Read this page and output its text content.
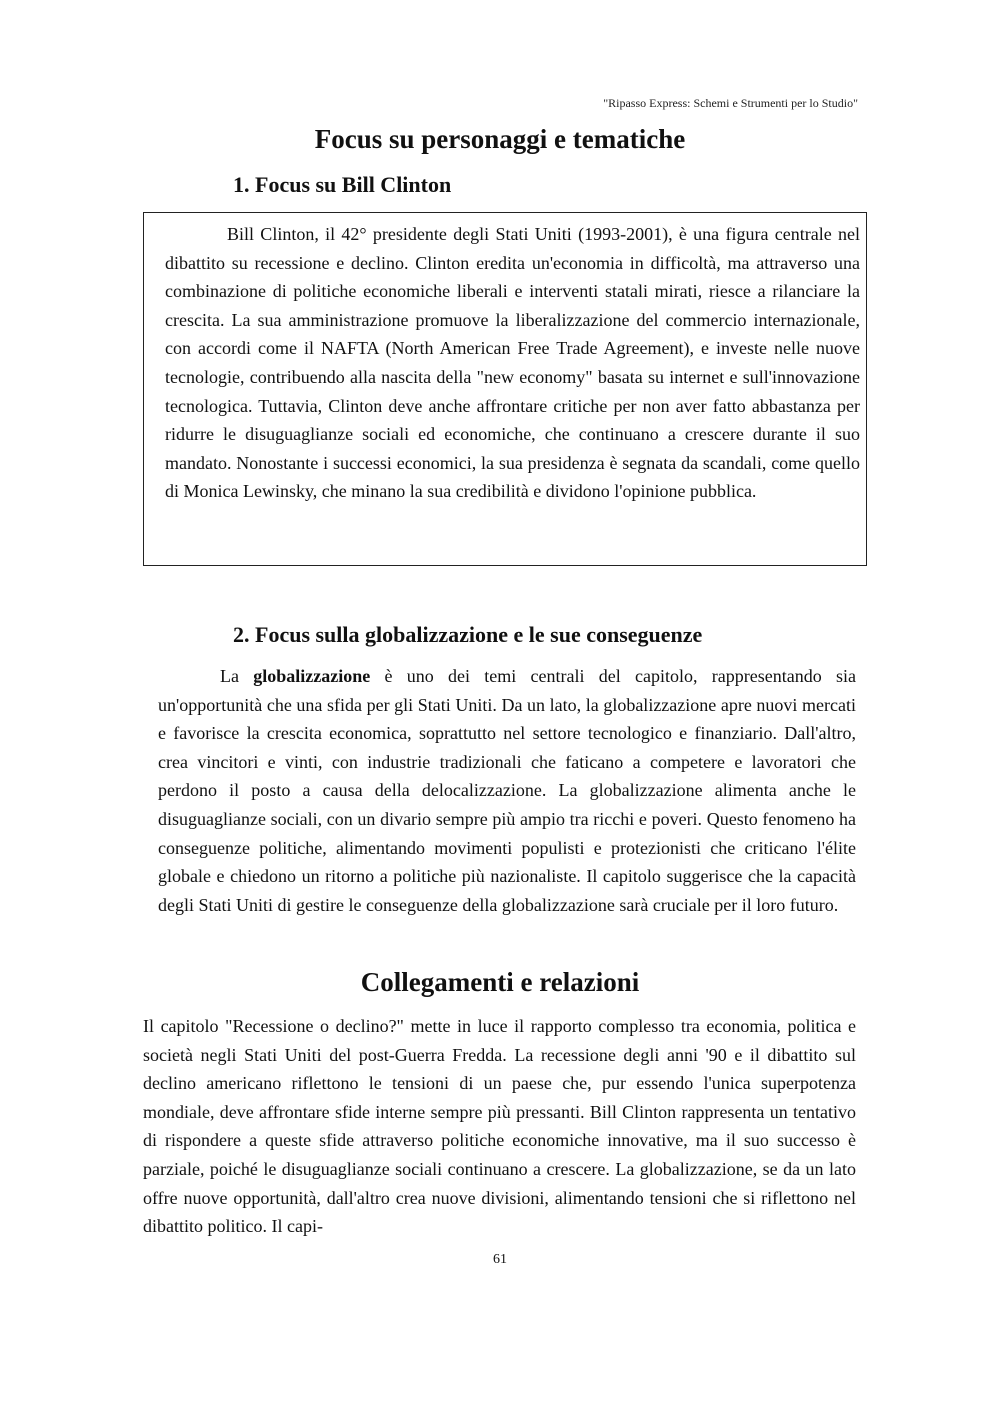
"Ripasso Express: Schemi e Strumenti per lo Studio"
Focus su personaggi e tematiche
1. Focus su Bill Clinton

Bill Clinton, il 42° presidente degli Stati Uniti (1993-2001), è una figura centrale nel dibattito su recessione e declino. Clinton eredita un'economia in difficoltà, ma attraverso una combinazione di politiche economiche liberali e interventi statali mirati, riesce a rilanciare la crescita. La sua amministrazione promuove la liberalizzazione del commercio internazionale, con accordi come il NAFTA (North American Free Trade Agreement), e investe nelle nuove tecnologie, contribuendo alla nascita della "new economy" basata su internet e sull'innovazione tecnologica. Tuttavia, Clinton deve anche affrontare critiche per non aver fatto abbastanza per ridurre le disuguaglianze sociali ed economiche, che continuano a crescere durante il suo mandato. Nonostante i successi economici, la sua presidenza è segnata da scandali, come quello di Monica Lewinsky, che minano la sua credibilità e dividono l'opinione pubblica.

2. Focus sulla globalizzazione e le sue conseguenze

La globalizzazione è uno dei temi centrali del capitolo, rappresentando sia un'opportunità che una sfida per gli Stati Uniti. Da un lato, la globalizzazione apre nuovi mercati e favorisce la crescita economica, soprattutto nel settore tecnologico e finanziario. Dall'altro, crea vincitori e vinti, con industrie tradizionali che faticano a competere e lavoratori che perdono il posto a causa della delocalizzazione. La globalizzazione alimenta anche le disuguaglianze sociali, con un divario sempre più ampio tra ricchi e poveri. Questo fenomeno ha conseguenze politiche, alimentando movimenti populisti e protezionisti che criticano l'élite globale e chiedono un ritorno a politiche più nazionaliste. Il capitolo suggerisce che la capacità degli Stati Uniti di gestire le conseguenze della globalizzazione sarà cruciale per il loro futuro.

Collegamenti e relazioni

Il capitolo "Recessione o declino?" mette in luce il rapporto complesso tra economia, politica e società negli Stati Uniti del post-Guerra Fredda. La recessione degli anni '90 e il dibattito sul declino americano riflettono le tensioni di un paese che, pur essendo l'unica superpotenza mondiale, deve affrontare sfide interne sempre più pressanti. Bill Clinton rappresenta un tentativo di rispondere a queste sfide attraverso politiche economiche innovative, ma il suo successo è parziale, poiché le disuguaglianze sociali continuano a crescere. La globalizzazione, se da un lato offre nuove opportunità, dall'altro crea nuove divisioni, alimentando tensioni che si riflettono nel dibattito politico. Il capi-

61
